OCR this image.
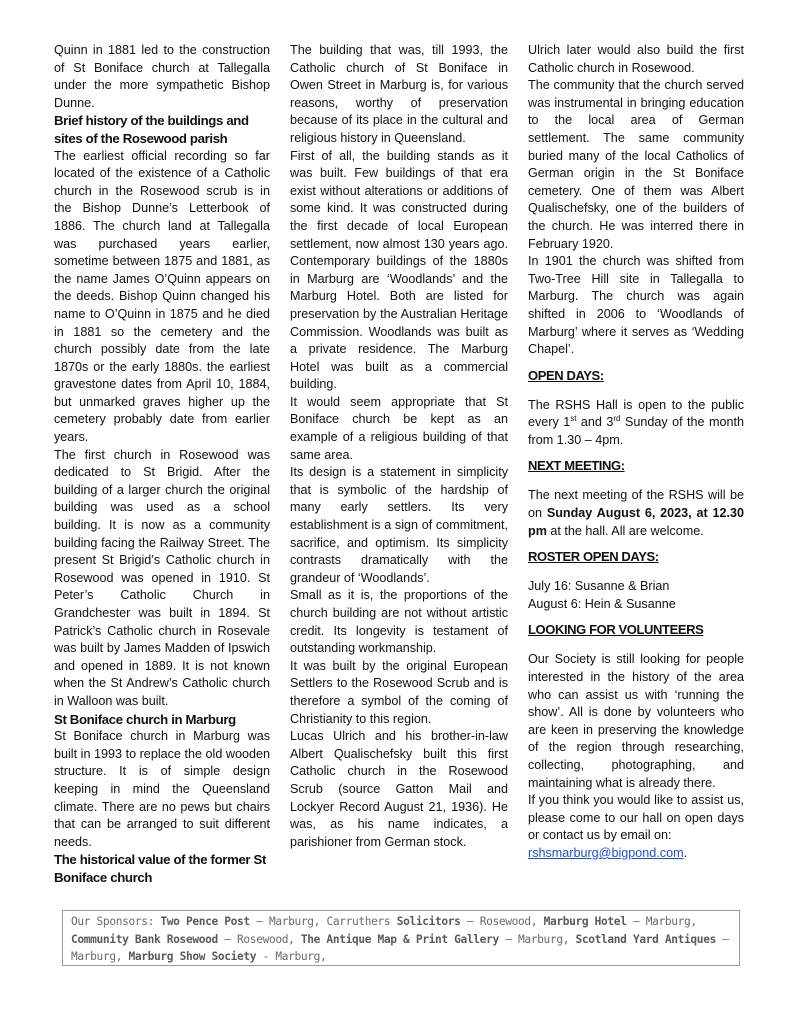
Quinn in 1881 led to the construction of St Boniface church at Tallegalla under the more sympathetic Bishop Dunne.

Brief history of the buildings and sites of the Rosewood parish

The earliest official recording so far located of the existence of a Catholic church in the Rosewood scrub is in the Bishop Dunne’s Letterbook of 1886. The church land at Tallegalla was purchased years earlier, sometime between 1875 and 1881, as the name James O’Quinn appears on the deeds. Bishop Quinn changed his name to O’Quinn in 1875 and he died in 1881 so the cemetery and the church possibly date from the late 1870s or the early 1880s. the earliest gravestone dates from April 10, 1884, but unmarked graves higher up the cemetery probably date from earlier years.

The first church in Rosewood was dedicated to St Brigid. After the building of a larger church the original building was used as a school building. It is now as a community building facing the Railway Street. The present St Brigid’s Catholic church in Rosewood was opened in 1910. St Peter’s Catholic Church in Grandchester was built in 1894. St Patrick’s Catholic church in Rosevale was built by James Madden of Ipswich and opened in 1889. It is not known when the St Andrew’s Catholic church in Walloon was built.

St Boniface church in Marburg

St Boniface church in Marburg was built in 1993 to replace the old wooden structure. It is of simple design keeping in mind the Queensland climate. There are no pews but chairs that can be arranged to suit different needs.

The historical value of the former St Boniface church

The building that was, till 1993, the Catholic church of St Boniface in Owen Street in Marburg is, for various reasons, worthy of preservation because of its place in the cultural and religious history in Queensland.

First of all, the building stands as it was built. Few buildings of that era exist without alterations or additions of some kind. It was constructed during the first decade of local European settlement, now almost 130 years ago. Contemporary buildings of the 1880s in Marburg are ‘Woodlands’ and the Marburg Hotel. Both are listed for preservation by the Australian Heritage Commission. Woodlands was built as a private residence. The Marburg Hotel was built as a commercial building.

It would seem appropriate that St Boniface church be kept as an example of a religious building of that same area.

Its design is a statement in simplicity that is symbolic of the hardship of many early settlers. Its very establishment is a sign of commitment, sacrifice, and optimism. Its simplicity contrasts dramatically with the grandeur of ‘Woodlands’.

Small as it is, the proportions of the church building are not without artistic credit. Its longevity is testament of outstanding workmanship.

It was built by the original European Settlers to the Rosewood Scrub and is therefore a symbol of the coming of Christianity to this region.

Lucas Ulrich and his brother-in-law Albert Qualischefsky built this first Catholic church in the Rosewood Scrub (source Gatton Mail and Lockyer Record August 21, 1936). He was, as his name indicates, a parishioner from German stock.

Ulrich later would also build the first Catholic church in Rosewood.

The community that the church served was instrumental in bringing education to the local area of German settlement. The same community buried many of the local Catholics of German origin in the St Boniface cemetery. One of them was Albert Qualischefsky, one of the builders of the church. He was interred there in February 1920.

In 1901 the church was shifted from Two-Tree Hill site in Tallegalla to Marburg. The church was again shifted in 2006 to ‘Woodlands of Marburg’ where it serves as ‘Wedding Chapel’.

OPEN DAYS:

The RSHS Hall is open to the public every 1st and 3rd Sunday of the month from 1.30 – 4pm.

NEXT MEETING:

The next meeting of the RSHS will be on Sunday August 6, 2023, at 12.30 pm at the hall. All are welcome.

ROSTER OPEN DAYS:
July 16: Susanne & Brian
August 6: Hein & Susanne
LOOKING FOR VOLUNTEERS

Our Society is still looking for people interested in the history of the area who can assist us with ‘running the show’. All is done by volunteers who are keen in preserving the knowledge of the region through researching, collecting, photographing, and maintaining what is already there.

If you think you would like to assist us, please come to our hall on open days or contact us by email on:

rshsmarburg@bigpond.com.

Our Sponsors: Two Pence Post – Marburg, Carruthers Solicitors – Rosewood, Marburg Hotel – Marburg, Community Bank Rosewood – Rosewood, The Antique Map & Print Gallery – Marburg, Scotland Yard Antiques – Marburg, Marburg Show Society - Marburg,
